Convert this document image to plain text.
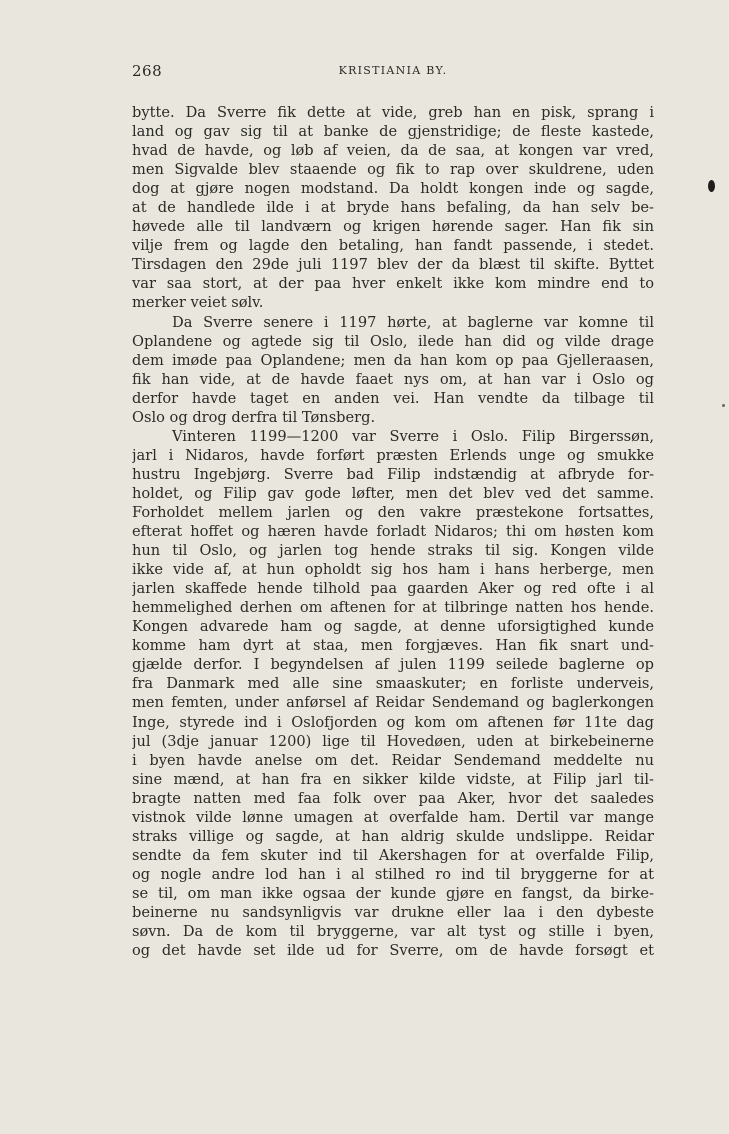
268	KRISTIANIA BY.
bytte. Da Sverre fik dette at vide, greb han en pisk, sprang i
land og gav sig til at banke de gjenstridige; de fleste kastede,
hvad de havde, og løb af veien, da de saa, at kongen var vred,
men Sigvalde blev staaende og fik to rap over skuldrene, uden
dog at gjøre nogen modstand. Da holdt kongen inde og sagde,
at de handlede ilde i at bryde hans befaling, da han selv be-
høvede alle til landværn og krigen hørende sager. Han fik sin
vilje frem og lagde den betaling, han fandt passende, i stedet.
Tirsdagen den 29de juli 1197 blev der da blæst til skifte. Byttet
var saa stort, at der paa hver enkelt ikke kom mindre end to
merker veiet sølv.
Da Sverre senere i 1197 hørte, at baglerne var komne til
Oplandene og agtede sig til Oslo, ilede han did og vilde drage
dem imøde paa Oplandene; men da han kom op paa Gjelleraasen,
fik han vide, at de havde faaet nys om, at han var i Oslo og
derfor havde taget en anden vei. Han vendte da tilbage til
Oslo og drog derfra til Tønsberg.
Vinteren 1199—1200 var Sverre i Oslo. Filip Birgerssøn,
jarl i Nidaros, havde forført præsten Erlends unge og smukke
hustru Ingebjørg. Sverre bad Filip indstændig at afbryde for-
holdet, og Filip gav gode løfter, men det blev ved det samme.
Forholdet mellem jarlen og den vakre præstekone fortsattes,
efterat hoffet og hæren havde forladt Nidaros; thi om høsten kom
hun til Oslo, og jarlen tog hende straks til sig. Kongen vilde
ikke vide af, at hun opholdt sig hos ham i hans herberge, men
jarlen skaffede hende tilhold paa gaarden Aker og red ofte i al
hemmelighed derhen om aftenen for at tilbringe natten hos hende.
Kongen advarede ham og sagde, at denne uforsigtighed kunde
komme ham dyrt at staa, men forgjæves. Han fik snart und-
gjælde derfor. I begyndelsen af julen 1199 seilede baglerne op
fra Danmark med alle sine smaaskuter; en forliste underveis,
men femten, under anførsel af Reidar Sendemand og baglerkongen
Inge, styrede ind i Oslofjorden og kom om aftenen før 11te dag
jul (3dje januar 1200) lige til Hovedøen, uden at birkebeinerne
i byen havde anelse om det. Reidar Sendemand meddelte nu
sine mænd, at han fra en sikker kilde vidste, at Filip jarl til-
bragte natten med faa folk over paa Aker, hvor det saaledes
vistnok vilde lønne umagen at overfalde ham. Dertil var mange
straks villige og sagde, at han aldrig skulde undslippe. Reidar
sendte da fem skuter ind til Akershagen for at overfalde Filip,
og nogle andre lod han i al stilhed ro ind til bryggerne for at
se til, om man ikke ogsaa der kunde gjøre en fangst, da birke-
beinerne nu sandsynligvis var drukne eller laa i den dybeste
søvn. Da de kom til bryggerne, var alt tyst og stille i byen,
og det havde set ilde ud for Sverre, om de havde forsøgt et
